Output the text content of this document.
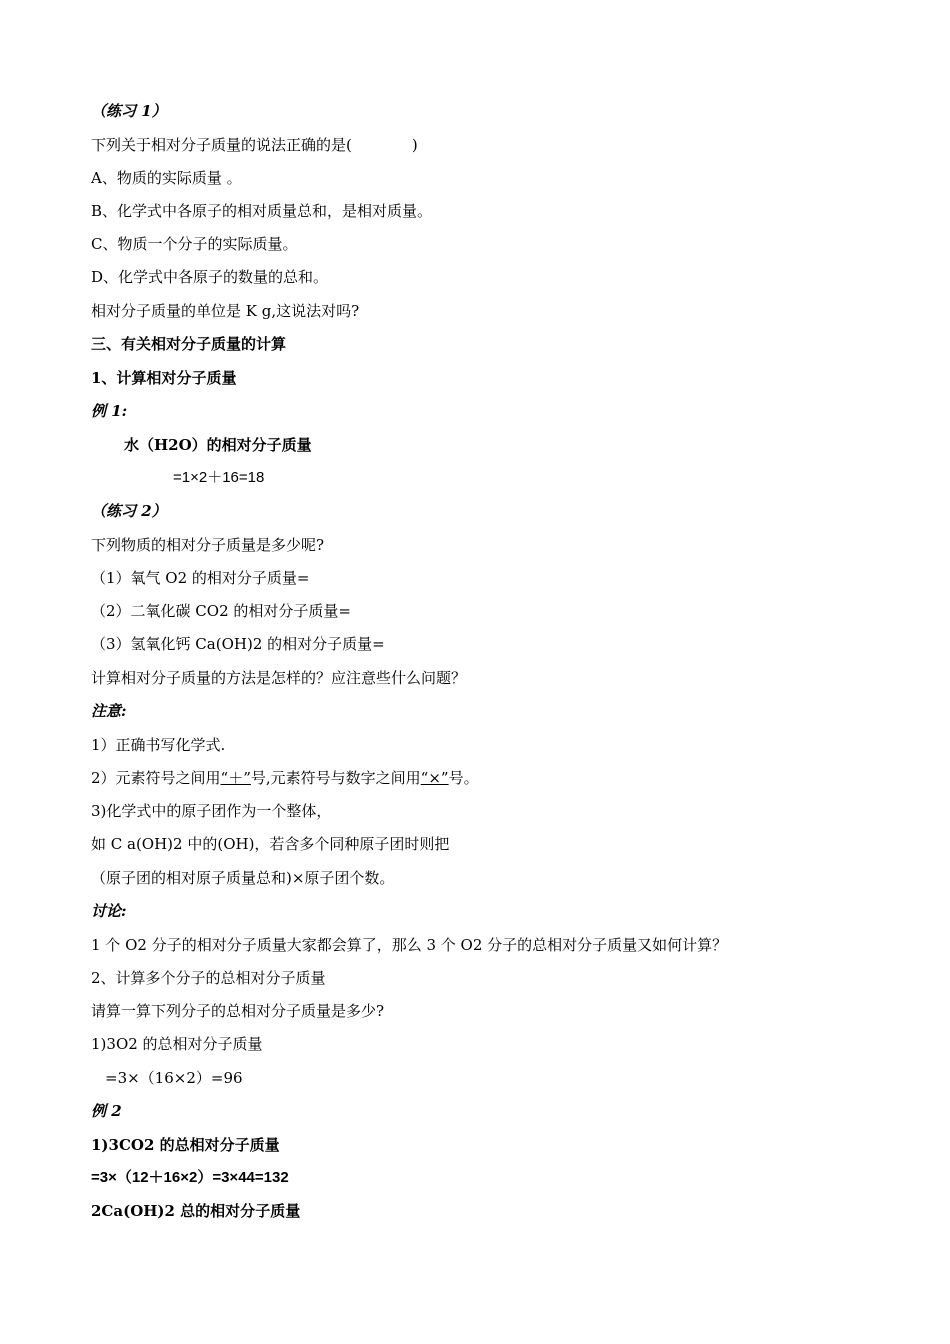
（练习 1）
下列关于相对分子质量的说法正确的是(　　　　)
A、物质的实际质量 。
B、化学式中各原子的相对质量总和，是相对质量。
C、物质一个分子的实际质量。
D、化学式中各原子的数量的总和。
相对分子质量的单位是 K g,这说法对吗?
三、有关相对分子质量的计算
1、计算相对分子质量
例 1:
水（H2O）的相对分子质量
=1×2＋16=18
（练习 2）
下列物质的相对分子质量是多少呢?
（1）氧气 O2 的相对分子质量=
（2）二氧化碳 CO2 的相对分子质量=
（3）氢氧化钙 Ca(OH)2 的相对分子质量=
计算相对分子质量的方法是怎样的？应注意些什么问题？
注意:
1）正确书写化学式.
2）元素符号之间用“＋”号,元素符号与数字之间用“×”号。
3)化学式中的原子团作为一个整体，
如 C a(OH)2 中的(OH)，若含多个同种原子团时则把
（原子团的相对原子质量总和)×原子团个数。
讨论:
1 个 O2 分子的相对分子质量大家都会算了，那么 3 个 O2 分子的总相对分子质量又如何计算？
2、计算多个分子的总相对分子质量
请算一算下列分子的总相对分子质量是多少?
1)3O2 的总相对分子质量
=3×（16×2）=96
例 2
1)3CO2 的总相对分子质量
=3×（12＋16×2）=3×44=132
2Ca(OH)2 总的相对分子质量
